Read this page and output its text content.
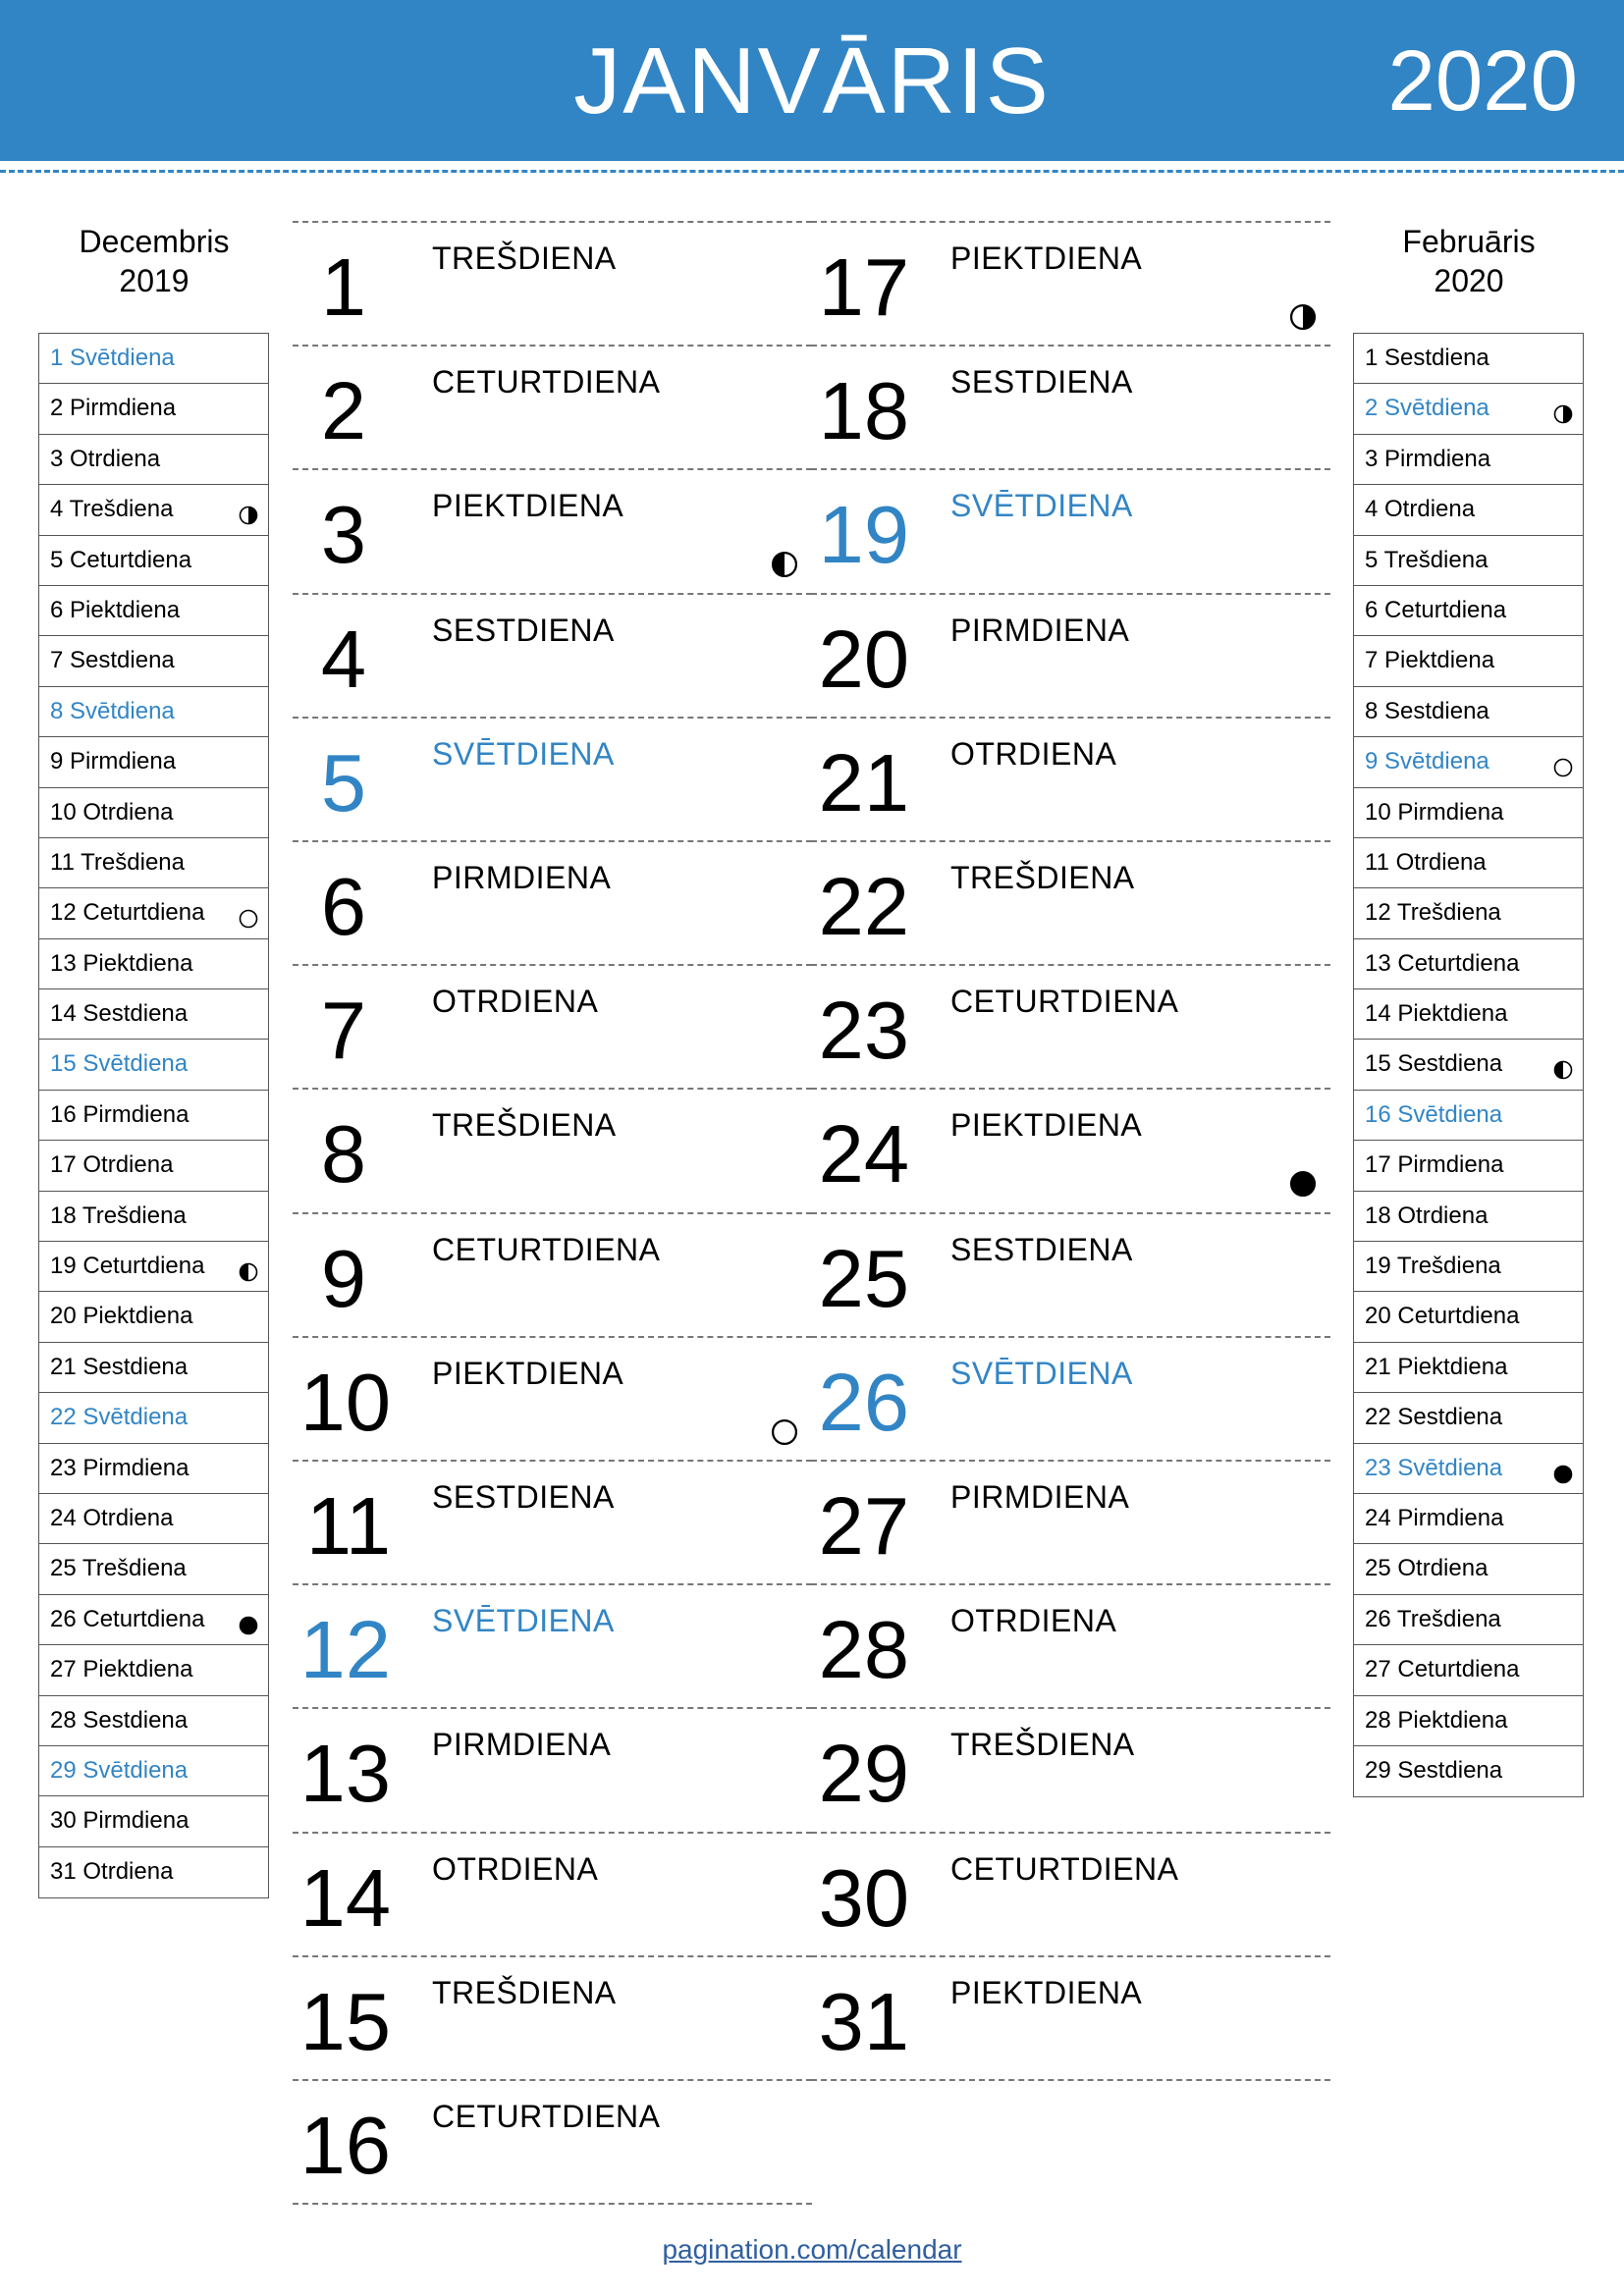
JANVĀRIS	2020
Decembris
2019
1 Svētdiena
2 Pirmdiena
3 Otrdiena
4 Trešdiena
5 Ceturtdiena
6 Piektdiena
7 Sestdiena
8 Svētdiena
9 Pirmdiena
10 Otrdiena
11 Trešdiena
12 Ceturtdiena
13 Piektdiena
14 Sestdiena
15 Svētdiena
16 Pirmdiena
17 Otrdiena
18 Trešdiena
19 Ceturtdiena
20 Piektdiena
21 Sestdiena
22 Svētdiena
23 Pirmdiena
24 Otrdiena
25 Trešdiena
26 Ceturtdiena
27 Piektdiena
28 Sestdiena
29 Svētdiena
30 Pirmdiena
31 Otrdiena
Februāris
2020
1 Sestdiena
2 Svētdiena
3 Pirmdiena
4 Otrdiena
5 Trešdiena
6 Ceturtdiena
7 Piektdiena
8 Sestdiena
9 Svētdiena
10 Pirmdiena
11 Otrdiena
12 Trešdiena
13 Ceturtdiena
14 Piektdiena
15 Sestdiena
16 Svētdiena
17 Pirmdiena
18 Otrdiena
19 Trešdiena
20 Ceturtdiena
21 Piektdiena
22 Sestdiena
23 Svētdiena
24 Pirmdiena
25 Otrdiena
26 Trešdiena
27 Ceturtdiena
28 Piektdiena
29 Sestdiena
1 TREŠDIENA
2 CETURTDIENA
3 PIEKTDIENA
4 SESTDIENA
5 SVĒTDIENA
6 PIRMDIENA
7 OTRDIENA
8 TREŠDIENA
9 CETURTDIENA
10 PIEKTDIENA
11 SESTDIENA
12 SVĒTDIENA
13 PIRMDIENA
14 OTRDIENA
15 TREŠDIENA
16 CETURTDIENA
17 PIEKTDIENA
18 SESTDIENA
19 SVĒTDIENA
20 PIRMDIENA
21 OTRDIENA
22 TREŠDIENA
23 CETURTDIENA
24 PIEKTDIENA
25 SESTDIENA
26 SVĒTDIENA
27 PIRMDIENA
28 OTRDIENA
29 TREŠDIENA
30 CETURTDIENA
31 PIEKTDIENA
pagination.com/calendar
